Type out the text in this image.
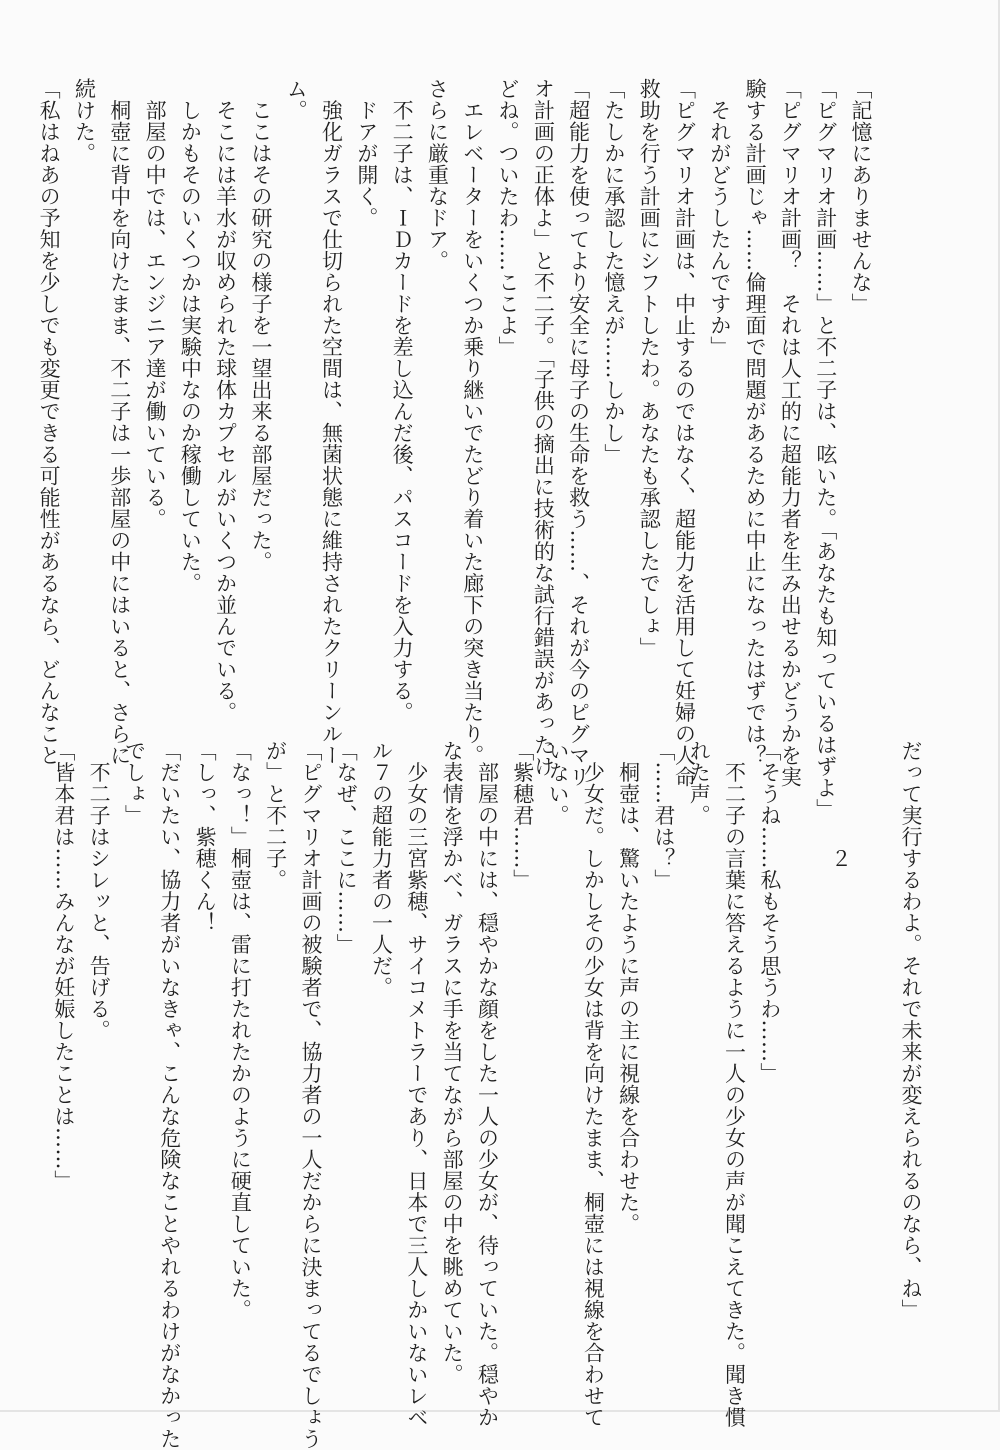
「記憶にありませんな」
「ピグマリオ計画……」と不二子は、呟いた。「あなたも知っているはずよ」
「ピグマリオ計画？　それは人工的に超能力者を生み出せるかどうかを実
験する計画じゃ……倫理面で問題があるために中止になったはずでは？
　それがどうしたんですか」
「ピグマリオ計画は、中止するのではなく、超能力を活用して妊婦の人命
救助を行う計画にシフトしたわ。あなたも承認したでしょ」
「たしかに承認した憶えが……しかし」
「超能力を使ってより安全に母子の生命を救う……、それが今のピグマリ
オ計画の正体よ」と不二子。「子供の摘出に技術的な試行錯誤があったけ
どね。ついたわ……ここよ」
　エレベーターをいくつか乗り継いでたどり着いた廊下の突き当たり。
さらに厳重なドア。
　不二子は、ＩＤカードを差し込んだ後、パスコードを入力する。
　ドアが開く。
　強化ガラスで仕切られた空間は、無菌状態に維持されたクリーンルー
ム。
　ここはその研究の様子を一望出来る部屋だった。
　そこには羊水が収められた球体カプセルがいくつか並んでいる。
　しかもそのいくつかは実験中なのか稼働していた。
　部屋の中では、エンジニア達が働いている。
　桐壺に背中を向けたまま、不二子は一歩部屋の中にはいると、さらに
続けた。
「私はねあの予知を少しでも変更できる可能性があるなら、どんなこと
だって実行するわよ。それで未来が変えられるのなら、ね」

　　　　　２

「そうね……私もそう思うわ……」
　不二子の言葉に答えるように一人の少女の声が聞こえてきた。聞き慣
れた声。
「……君は？」
　桐壺は、驚いたように声の主に視線を合わせた。
　少女だ。しかしその少女は背を向けたまま、桐壺には視線を合わせて
いない。
「紫穂君……」
　部屋の中には、穏やかな顔をした一人の少女が、待っていた。穏やか
な表情を浮かべ、ガラスに手を当てながら部屋の中を眺めていた。
　少女の三宮紫穂、サイコメトラーであり、日本で三人しかいないレベ
ル７の超能力者の一人だ。
「なぜ、ここに……」
「ピグマリオ計画の被験者で、協力者の一人だからに決まってるでしょう
が」と不二子。
「なっ！」桐壺は、雷に打たれたかのように硬直していた。
「しっ、紫穂くん！
「だいたい、協力者がいなきゃ、こんな危険なことやれるわけがなかった
でしょ」
　不二子はシレッと、告げる。
「皆本君は……みんなが妊娠したことは……」
